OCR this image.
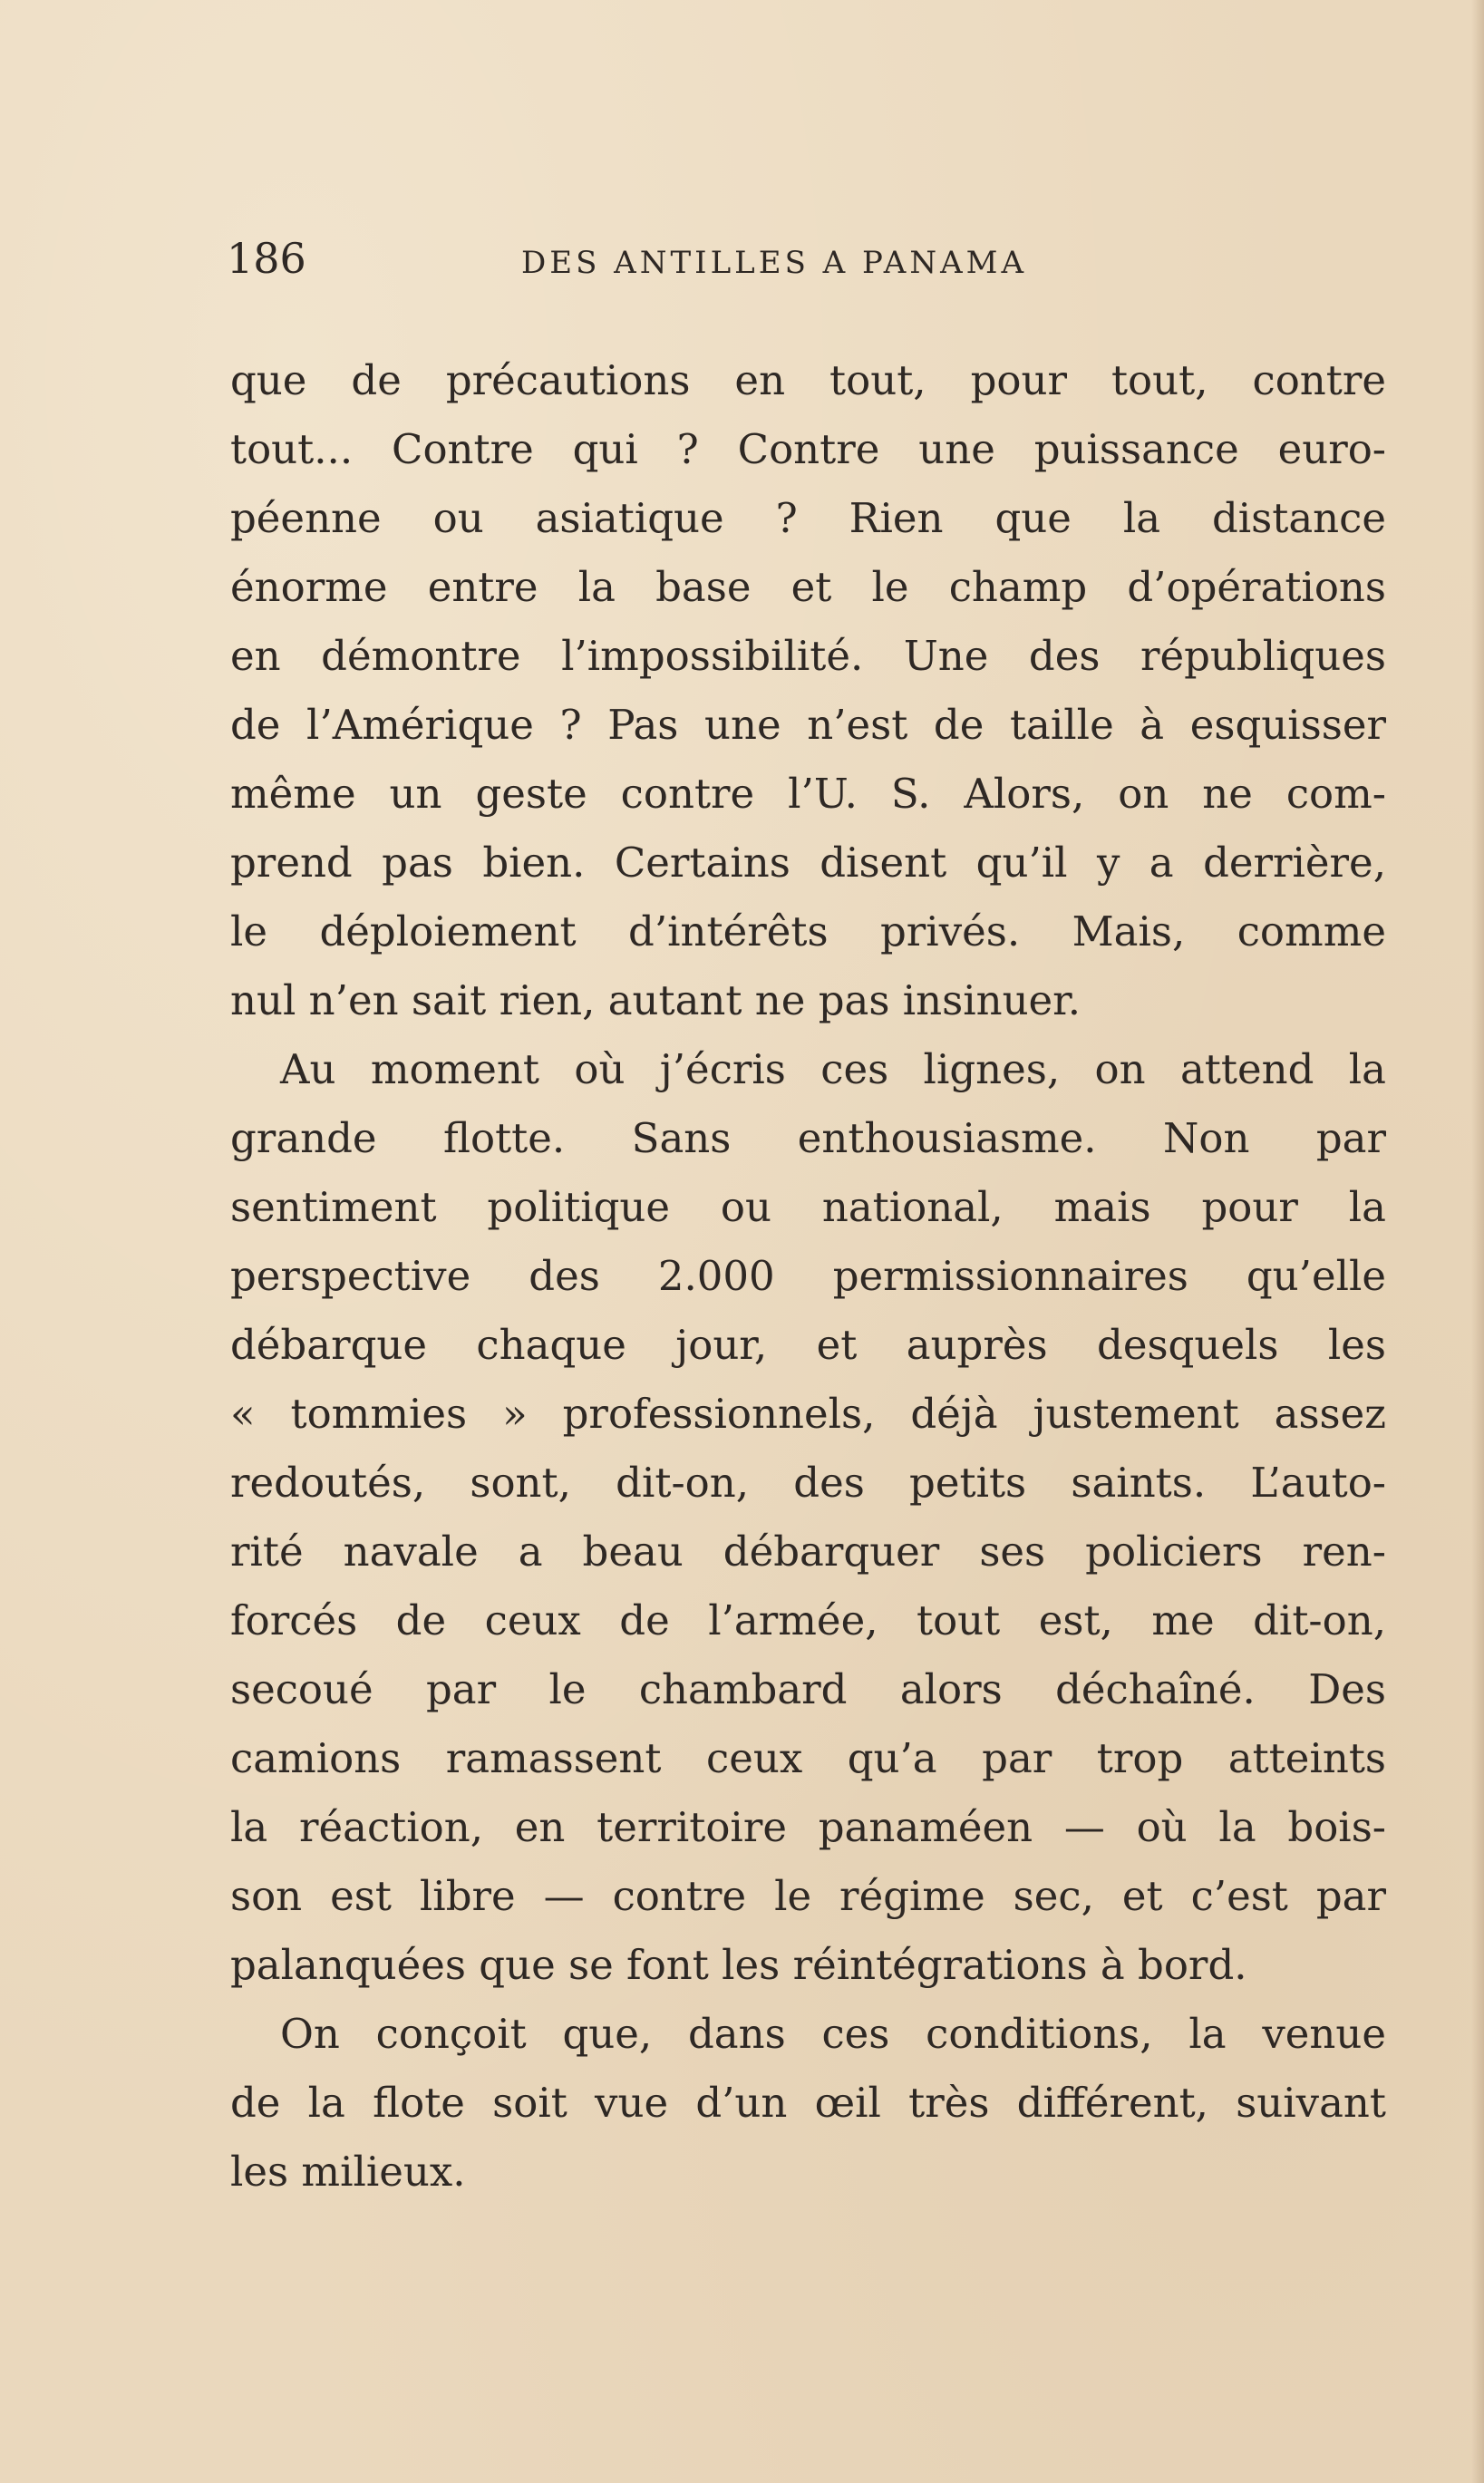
186	DES ANTILLES A PANAMA
que de précautions en tout, pour tout, contre
tout... Contre qui ? Contre une puissance euro-
péenne ou asiatique ? Rien que la distance
énorme entre la base et le champ d’opérations
en démontre l’impossibilité. Une des républiques
de l’Amérique ? Pas une n’est de taille à esquisser
même un geste contre l’U. S. Alors, on ne com-
prend pas bien. Certains disent qu’il y a derrière,
le déploiement d’intérêts privés. Mais, comme
nul n’en sait rien, autant ne pas insinuer.
Au moment où j’écris ces lignes, on attend la
grande flotte. Sans enthousiasme. Non par
sentiment politique ou national, mais pour la
perspective des 2.000 permissionnaires qu’elle
débarque chaque jour, et auprès desquels les
« tommies » professionnels, déjà justement assez
redoutés, sont, dit-on, des petits saints. L’auto-
rité navale a beau débarquer ses policiers ren-
forcés de ceux de l’armée, tout est, me dit-on,
secoué par le chambard alors déchaîné. Des
camions ramassent ceux qu’a par trop atteints
la réaction, en territoire panaméen — où la bois-
son est libre — contre le régime sec, et c’est par
palanquées que se font les réintégrations à bord.
On conçoit que, dans ces conditions, la venue
de la flote soit vue d’un œil très différent, suivant
les milieux.
